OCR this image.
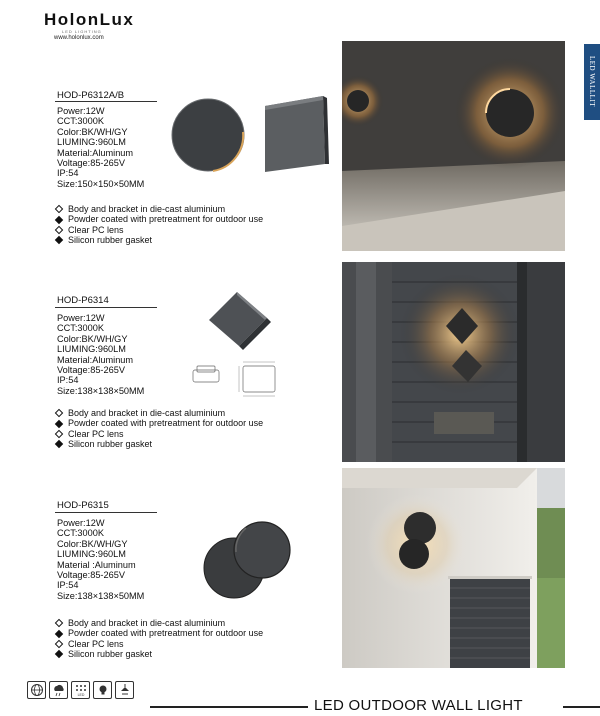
HolonLux
LED LIGHTING
www.holonlux.com
LED WALLLIT
HOD-P6312A/B
Power:12W
CCT:3000K
Color:BK/WH/GY
LIUMING:960LM
Material:Aluminum
Voltage:85-265V
IP:54
Size:150×150×50MM
Body and bracket in die-cast aluminium
Powder coated with pretreatment for outdoor use
Clear PC lens
Silicon rubber gasket
HOD-P6314
Power:12W
CCT:3000K
Color:BK/WH/GY
LIUMING:960LM
Material:Aluminum
Voltage:85-265V
IP:54
Size:138×138×50MM
Body and bracket in die-cast aluminium
Powder coated with pretreatment for outdoor use
Clear PC lens
Silicon rubber gasket
HOD-P6315
Power:12W
CCT:3000K
Color:BK/WH/GY
LIUMING:960LM
Material :Aluminum
Voltage:85-265V
IP:54
Size:138×138×50MM
Body and bracket in die-cast aluminium
Powder coated with pretreatment for outdoor use
Clear PC lens
Silicon rubber gasket
LED
LED OUTDOOR WALL LIGHT
